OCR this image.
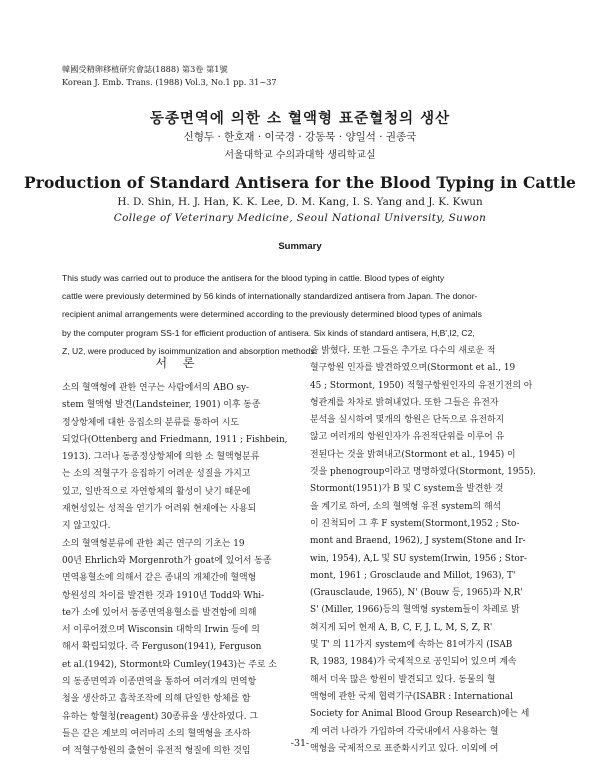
韓國受精卵移植研究會誌(1888) 第3卷 第1號
Korean J. Emb. Trans. (1988) Vol.3, No.1 pp. 31~37
동종면역에 의한 소 혈액형 표준혈청의 생산
신형두 · 한호재 · 이국경 · 강동묵 · 양일석 · 권종국
서울대학교 수의과대학 생리학교실
Production of Standard Antisera for the Blood Typing in Cattle
H. D. Shin, H. J. Han, K. K. Lee, D. M. Kang, I. S. Yang and J. K. Kwun
College of Veterinary Medicine, Seoul National University, Suwon
Summary
This study was carried out to produce the antisera for the blood typing in cattle. Blood types of eighty
cattle were previously determined by 56 kinds of internationally standardized antisera from Japan. The donor-
recipient animal arrangements were determined according to the previously determined blood types of animals
by the computer program SS-1 for efficient production of antisera. Six kinds of standard antisera, H,B',I2, C2,
Z, U2, were produced by isoimmunization and absorption methods.
서 론
소의 혈액형에 관한 연구는 사람에서의 ABO sy-
stem 혈액형 발견(Landsteiner, 1901) 이후 동종
정상항체에 대한 응집소의 분류를 통하여 시도
되었다(Ottenberg and Friedmann, 1911 ; Fishbein,
1913). 그러나 동종정상항체에 의한 소 혈액형분류
는 소의 적혈구가 응집하기 어려운 성질을 가지고
있고, 일반적으로 자연항체의 활성이 낮기 때문에
재현성있는 성적을 얻기가 어려워 현재에는 사용되
지 않고있다.
소의 혈액형분류에 관한 최근 연구의 기초는 19
00년 Ehrlich와 Morgenroth가 goat에 있어서 동종
면역용혈소에 의해서 같은 종내의 개체간에 혈액형
항원성의 차이를 발견한 것과 1910년 Todd와 Whi-
te가 소에 있어서 동종면역용혈소를 발견함에 의해
서 이루어졌으며 Wisconsin 대학의 Irwin 등에 의
해서 확립되었다. 즉 Ferguson(1941), Ferguson
et al.(1942), Stormont와 Cumley(1943)는 주로 소
의 동종면역과 이종면역을 통하여 여러개의 면역항
청을 생산하고 흡착조작에 의해 단일한 항체를 함
유하는 항혈청(reagent) 30종류을 생산하였다. 그
들은 같은 계보의 여러마리 소의 혈액형을 조사하
여 적혈구항원의 출현이 유전적 형질에 의한 것임
을 밝혔다. 또한 그들은 추가로 다수의 새로운 적
혈구항원 인자를 발견하였으며(Stormont et al., 19
45 ; Stormont, 1950) 적혈구항원인자의 유전기전의 아
형관계를 차차로 밝혀내었다. 또한 그들은 유전자
분석을 실시하여 몇개의 항원은 단독으로 유전하지
않고 여러개의 항원인자가 유전적단위를 이루어 유
전된다는 것을 밝혀내고(Stormont et al., 1945) 이
것을 phenogroup이라고 명명하였다(Stormont, 1955).
Stormont(1951)가 B 및 C system을 발견한 것
을 계기로 하여, 소의 혈액형 유전 system의 해석
이 진척되어 그 후 F system(Stormont,1952 ; Sto-
mont and Braend, 1962), J system(Stone and Ir-
win, 1954), A,L 및 SU system(Irwin, 1956 ; Stor-
mont, 1961 ; Grosclaude and Millot, 1963), T'
(Grausclaude, 1965), N' (Bouw 등, 1965)과 N,R'
S' (Miller, 1966)등의 혈액형 system들이 차례로 밝
혀지게 되어 현재 A, B, C, F, J, L, M, S, Z, R'
및 T' 의 11가지 system에 속하는 81여가지 (ISAB
R, 1983, 1984)가 국제적으로 공인되어 있으며 계속
해서 더욱 많은 항원이 발견되고 있다. 동물의 혈
액형에 관한 국제 협력기구(ISABR : International
Society for Animal Blood Group Research)에는 세
계 여러 나라가 가입하여 각국내에서 사용하는 혈
액형을 국제적으로 표준화시키고 있다. 이외에 여
-31-
